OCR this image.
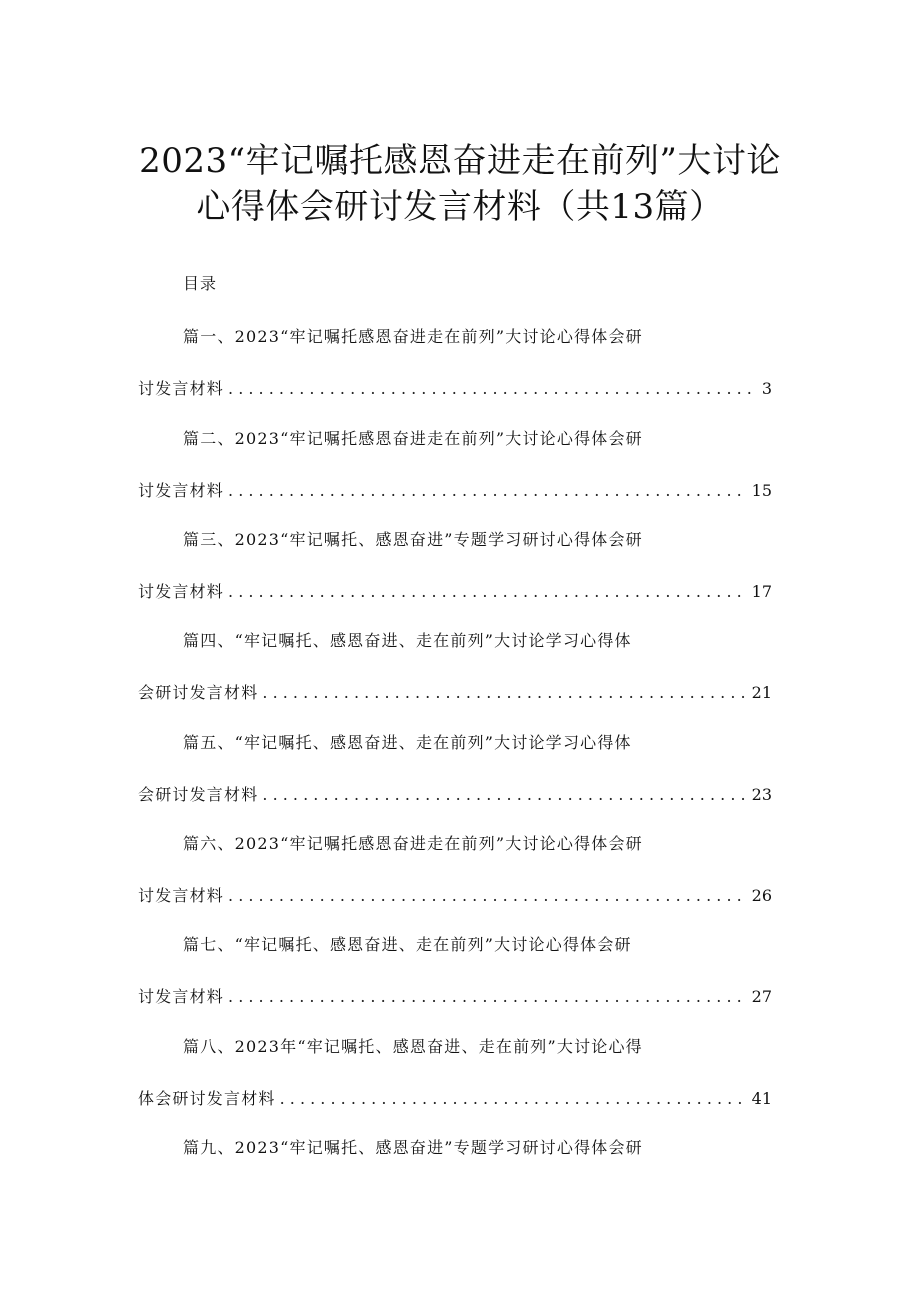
2023“牢记嘱托感恩奋进走在前列”大讨论
心得体会研讨发言材料（共13篇）
目录
篇一、2023“牢记嘱托感恩奋进走在前列”大讨论心得体会研
讨发言材料 . . .	3
篇二、2023“牢记嘱托感恩奋进走在前列”大讨论心得体会研
讨发言材料 . . .	15
篇三、2023“牢记嘱托、感恩奋进”专题学习研讨心得体会研
讨发言材料 . . .	17
篇四、“牢记嘱托、感恩奋进、走在前列”大讨论学习心得体
会研讨发言材料 . . .	21
篇五、“牢记嘱托、感恩奋进、走在前列”大讨论学习心得体
会研讨发言材料 . . .	23
篇六、2023“牢记嘱托感恩奋进走在前列”大讨论心得体会研
讨发言材料 . . .	26
篇七、“牢记嘱托、感恩奋进、走在前列”大讨论心得体会研
讨发言材料 . . .	27
篇八、2023年“牢记嘱托、感恩奋进、走在前列”大讨论心得
体会研讨发言材料 . . .	41
篇九、2023“牢记嘱托、感恩奋进”专题学习研讨心得体会研
